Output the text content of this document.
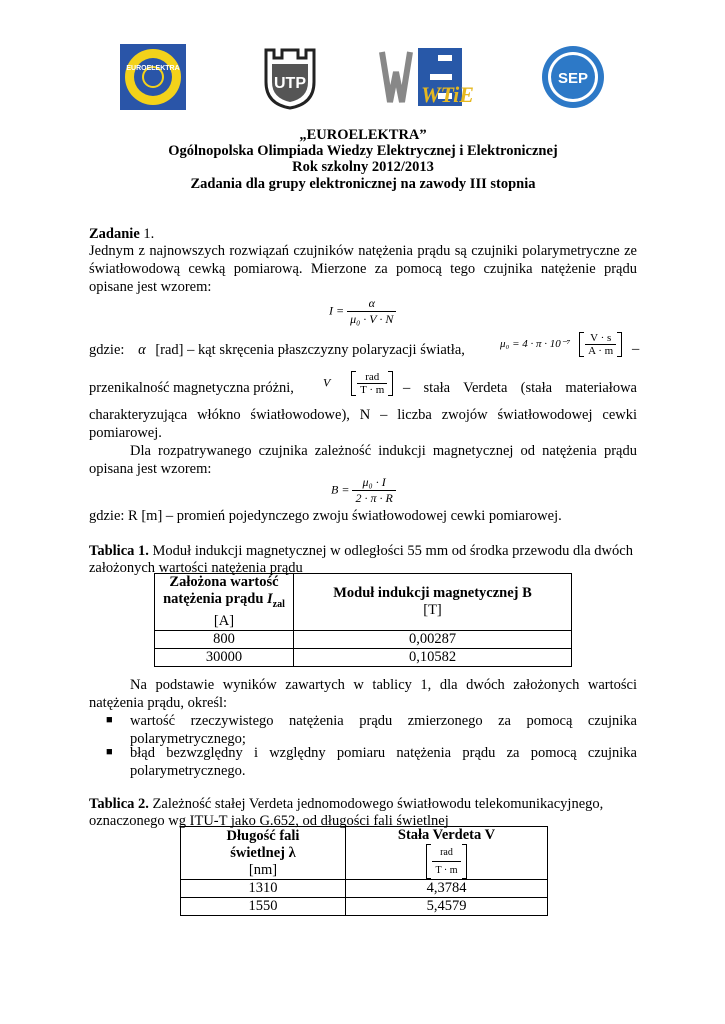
EUROELEKTRA
UTP	WTiE
SEP
„EUROELEKTRA”
Ogólnopolska Olimpiada Wiedzy Elektrycznej i Elektronicznej
Rok szkolny 2012/2013
Zadania dla grupy elektronicznej na zawody III stopnia
Zadanie 1.
Jednym z najnowszych rozwiązań czujników natężenia prądu są czujniki polarymetryczne ze
światłowodową cewką pomiarową. Mierzone za pomocą tego czujnika natężenie prądu
opisane jest wzorem:
$I = \frac{\alpha}{\text{μ₀ · V · N}}$
gdzie: α [rad] – kąt skręcenia płaszczyzny polaryzacji światła,	$\mu_0 = 4 \cdot \pi \cdot 10^{-7} \frac{V \cdot s}{A \cdot m}$ –
przenikalność magnetyczna próżni,	V $\frac{\text{rad}}{T \cdot m}$ – stała Verdeta (stała materiałowa
charakteryzująca włókno światłowodowe), N – liczba zwojów światłowodowej cewki
pomiarowej.
Dla rozpatrywanego czujnika zależność indukcji magnetycznej od natężenia prądu
opisana jest wzorem:
$B = \frac{\text{μ₀ · I}}{2 \cdot \pi \cdot R}$
gdzie: R [m] – promień pojedynczego zwoju światłowodowej cewki pomiarowej.
Tablica 1. Moduł indukcji magnetycznej w odległości 55 mm od środka przewodu dla dwóch
założonych wartości natężenia prądu
Założona wartość
natężenia prądu $I_{zal}$
[A]	Moduł indukcji magnetycznej B
[T]
800	0,00287
30000	0,10582
Na podstawie wyników zawartych w tablicy 1, dla dwóch założonych wartości
natężenia prądu, określ:
■ wartość rzeczywistego natężenia prądu zmierzonego za pomocą czujnika
polarymetrycznego;
■ błąd bezwzględny i względny pomiaru natężenia prądu za pomocą czujnika
polarymetrycznego.
Tablica 2. Zależność stałej Verdeta jednomodowego światłowodu telekomunikacyjnego,
oznaczonego wg ITU-T jako G.652, od długości fali świetlnej
Długość fali
świetlnej λ
[nm]	Stała Verdeta V

$\frac{\text{rad}}{T \cdot m}$

1310	4,3784
1550	5,4579
